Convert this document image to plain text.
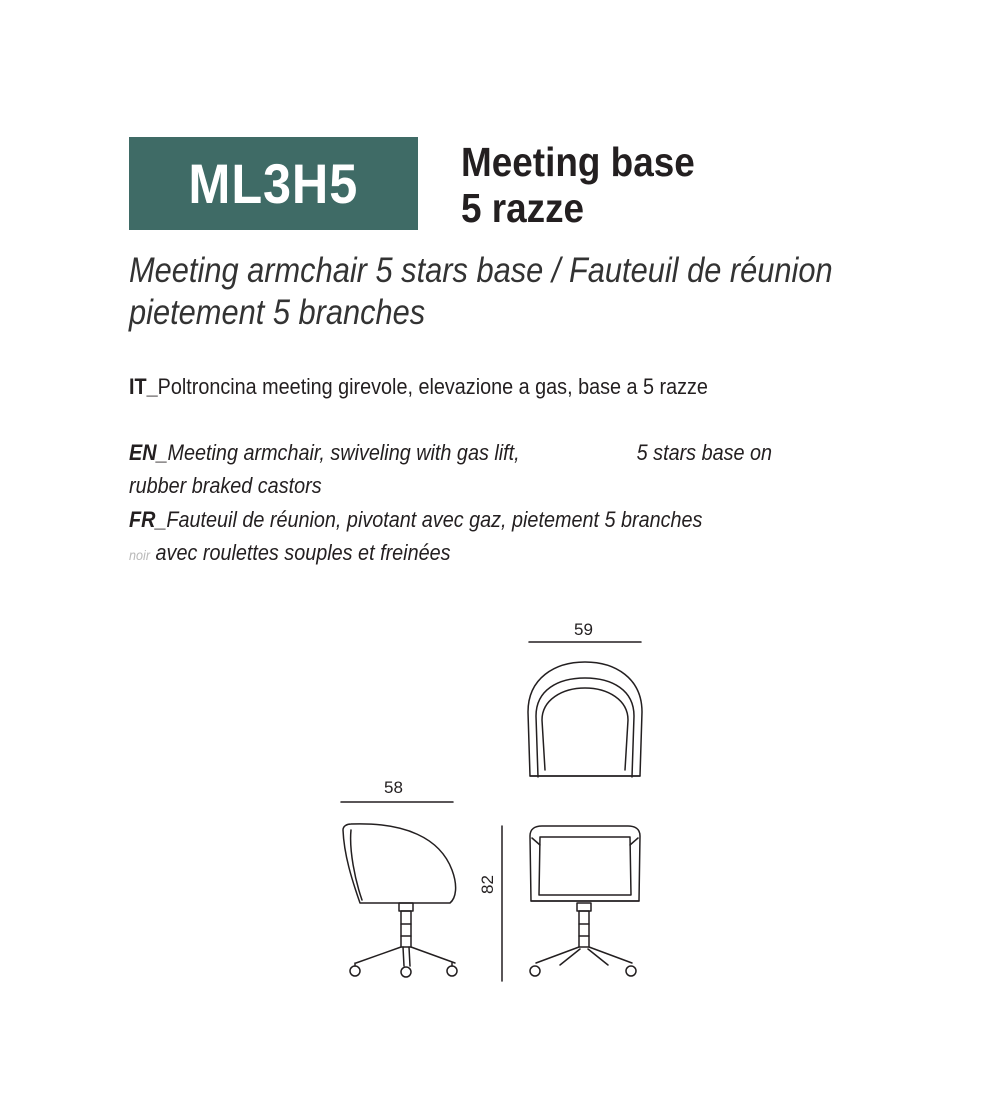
ML3H5	Meeting base
5 razze

Meeting armchair 5 stars base / Fauteuil de réunion pietement 5 branches

IT_Poltroncina meeting girevole, elevazione a gas, base a 5 razze

EN_Meeting armchair, swiveling with gas lift,	5 stars base on

rubber braked castors

FR_Fauteuil de réunion, pivotant avec gaz, pietement 5 branches

noir avec roulettes souples et freinées

59
58
82
